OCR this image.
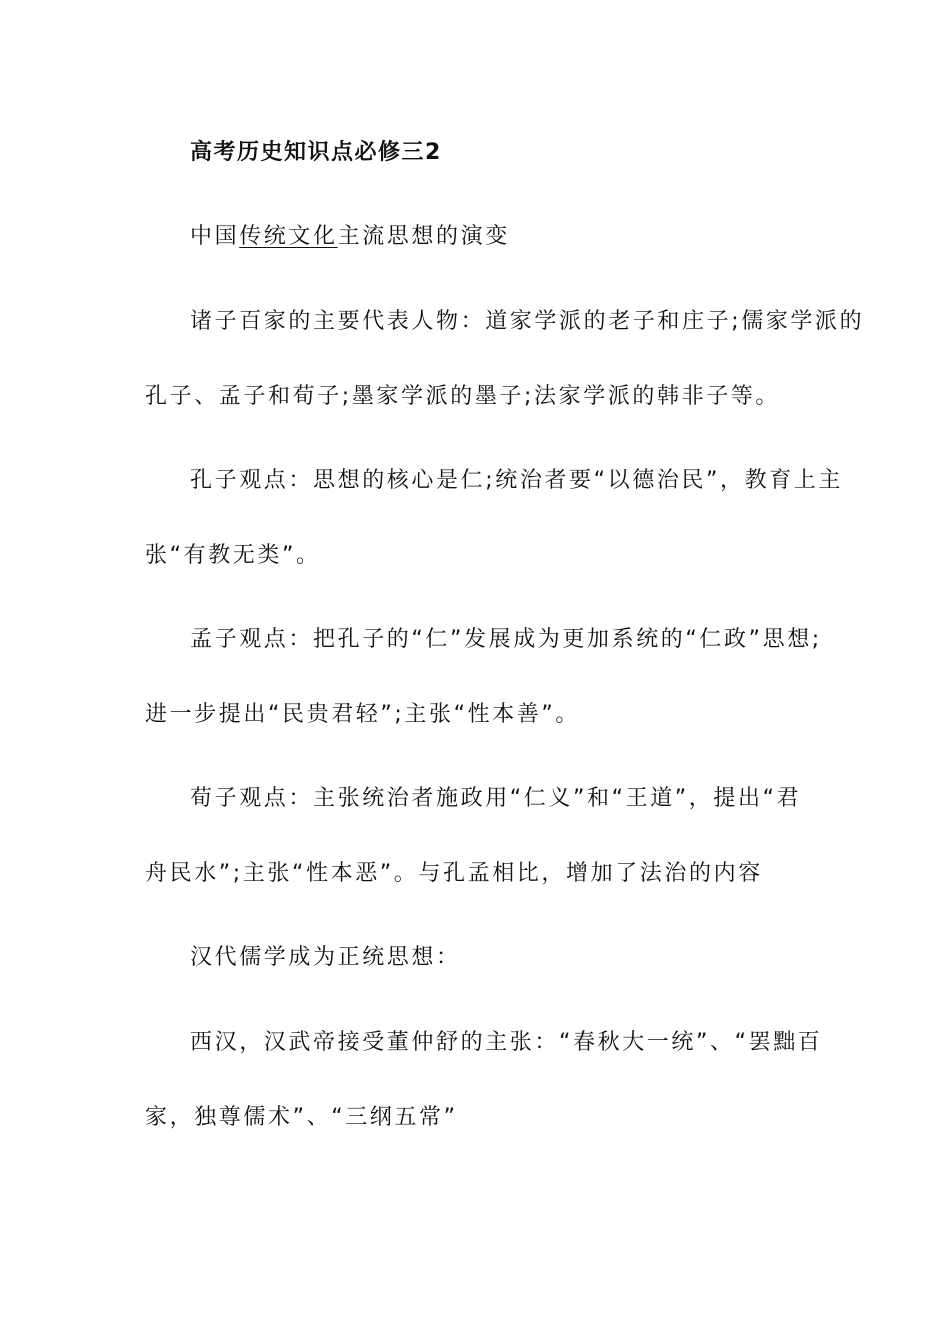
高考历史知识点必修三2
中国传统文化主流思想的演变
诸子百家的主要代表人物：道家学派的老子和庄子;儒家学派的
孔子、孟子和荀子;墨家学派的墨子;法家学派的韩非子等。
孔子观点：思想的核心是仁;统治者要“以德治民”，教育上主
张“有教无类”。
孟子观点：把孔子的“仁”发展成为更加系统的“仁政”思想;
进一步提出“民贵君轻”;主张“性本善”。
荀子观点：主张统治者施政用“仁义”和“王道”，提出“君
舟民水”;主张“性本恶”。与孔孟相比，增加了法治的内容
汉代儒学成为正统思想：
西汉，汉武帝接受董仲舒的主张：“春秋大一统”、“罢黜百
家，独尊儒术”、“三纲五常”
